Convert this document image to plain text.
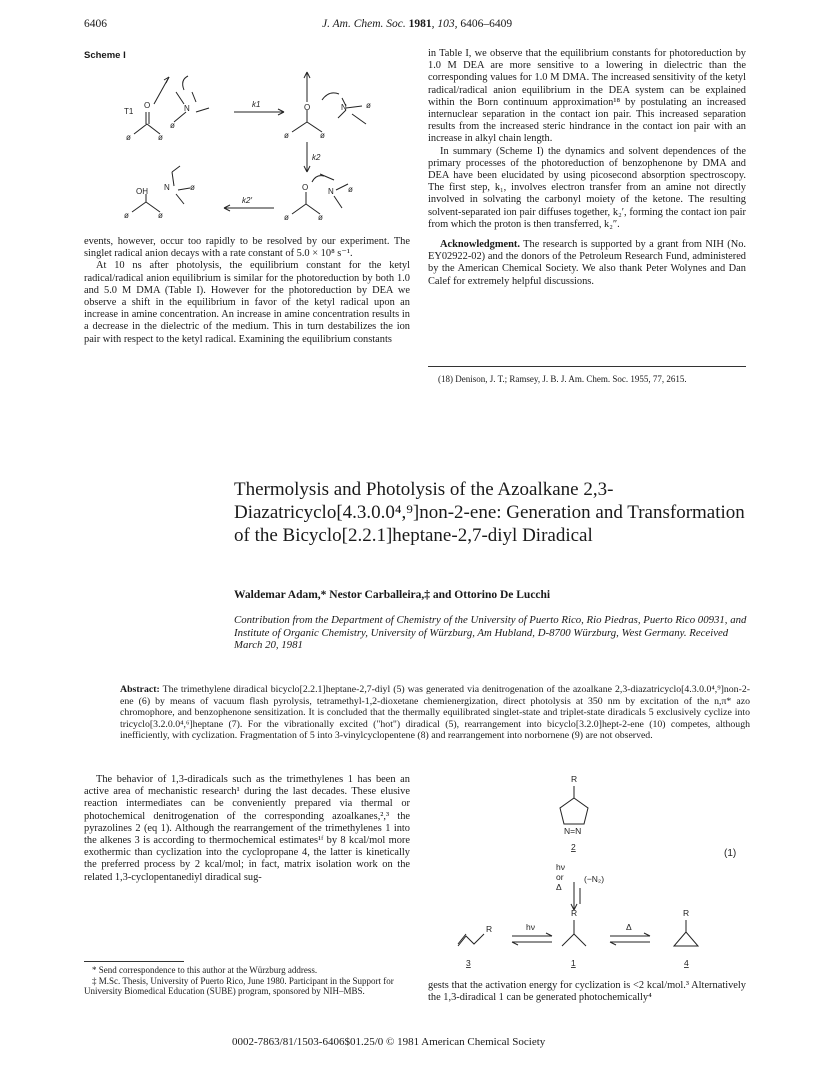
6406	J. Am. Chem. Soc. 1981, 103, 6406–6409
Scheme I
T1
O
ø	ø
N
ø
k1	O
ø	ø
N ø
k2
O
ø	ø
N ø
k2′
OH N	ø
ø	ø

events, however, occur too rapidly to be resolved by our experiment. The singlet radical anion decays with a rate constant of 5.0 × 10⁸ s⁻¹.

At 10 ns after photolysis, the equilibrium constant for the ketyl radical/radical anion equilibrium is similar for the photoreduction by both 1.0 and 5.0 M DMA (Table I). However for the photoreduction by DEA we observe a shift in the equilibrium in favor of the ketyl radical upon an increase in amine concentration. An increase in amine concentration results in a decrease in the dielectric of the medium. This in turn destabilizes the ion pair with respect to the ketyl radical. Examining the equilibrium constants

in Table I, we observe that the equilibrium constants for photoreduction by 1.0 M DEA are more sensitive to a lowering in dielectric than the corresponding values for 1.0 M DMA. The increased sensitivity of the ketyl radical/radical anion equilibrium in the DEA system can be explained within the Born continuum approximation¹⁸ by postulating an increased internuclear separation in the contact ion pair. This increased separation results from the increased steric hindrance in the contact ion pair with an increase in alkyl chain length.

In summary (Scheme I) the dynamics and solvent dependences of the primary processes of the photoreduction of benzophenone by DMA and DEA have been elucidated by using picosecond absorption spectroscopy. The first step, k₁, involves electron transfer from an amine not directly involved in solvating the carbonyl moiety of the ketone. The resulting solvent-separated ion pair diffuses together, k₂′, forming the contact ion pair from which the proton is then transferred, k₂″.

Acknowledgment. The research is supported by a grant from NIH (No. EY02922-02) and the donors of the Petroleum Research Fund, administered by the American Chemical Society. We also thank Peter Wolynes and Dan Calef for extremely helpful discussions.

(18) Denison, J. T.; Ramsey, J. B. J. Am. Chem. Soc. 1955, 77, 2615.
Thermolysis and Photolysis of the Azoalkane 2,3-Diazatricyclo[4.3.0.0⁴,⁹]non-2-ene: Generation and Transformation of the Bicyclo[2.2.1]heptane-2,7-diyl Diradical
Waldemar Adam,* Nestor Carballeira,‡ and Ottorino De Lucchi
Contribution from the Department of Chemistry of the University of Puerto Rico, Rio Piedras, Puerto Rico 00931, and Institute of Organic Chemistry, University of Würzburg, Am Hubland, D-8700 Würzburg, West Germany. Received March 20, 1981
Abstract: The trimethylene diradical bicyclo[2.2.1]heptane-2,7-diyl (5) was generated via denitrogenation of the azoalkane 2,3-diazatricyclo[4.3.0.0⁴,⁹]non-2-ene (6) by means of vacuum flash pyrolysis, tetramethyl-1,2-dioxetane chemienergization, direct photolysis at 350 nm by excitation of the n,π* azo chromophore, and benzophenone sensitization. It is concluded that the thermally equilibrated singlet-state and triplet-state diradicals 5 exclusively cyclize into tricyclo[3.2.0.0⁴,⁶]heptane (7). For the vibrationally excited ("hot") diradical (5), rearrangement into bicyclo[3.2.0]hept-2-ene (10) competes, although inefficiently, with cyclization. Fragmentation of 5 into 3-vinylcyclopentene (8) and rearrangement into norbornene (9) are not observed.

The behavior of 1,3-diradicals such as the trimethylenes 1 has been an active area of mechanistic research¹ during the last decades. These elusive reaction intermediates can be conveniently prepared via thermal or photochemical denitrogenation of the corresponding azoalkanes,²,³ the pyrazolines 2 (eq 1). Although the rearrangement of the trimethylenes 1 into the alkenes 3 is according to thermochemical estimates¹ᶠ by 8 kcal/mol more exothermic than cyclization into the cyclopropane 4, the latter is kinetically the preferred process by 2 kcal/mol; in fact, matrix isolation work on the related 1,3-cyclopentanediyl diradical sug-

* Send correspondence to this author at the Würzburg address.
‡ M.Sc. Thesis, University of Puerto Rico, June 1980. Participant in the Support for University Biomedical Education (SUBE) program, sponsored by NIH–MBS.
R
N=N
2
(1)
hν
or
Δ
(−N₂)
R
R
R
hν	Δ
3	1	4

gests that the activation energy for cyclization is <2 kcal/mol.³ Alternatively the 1,3-diradical 1 can be generated photochemically⁴

0002-7863/81/1503-6406$01.25/0 © 1981 American Chemical Society
